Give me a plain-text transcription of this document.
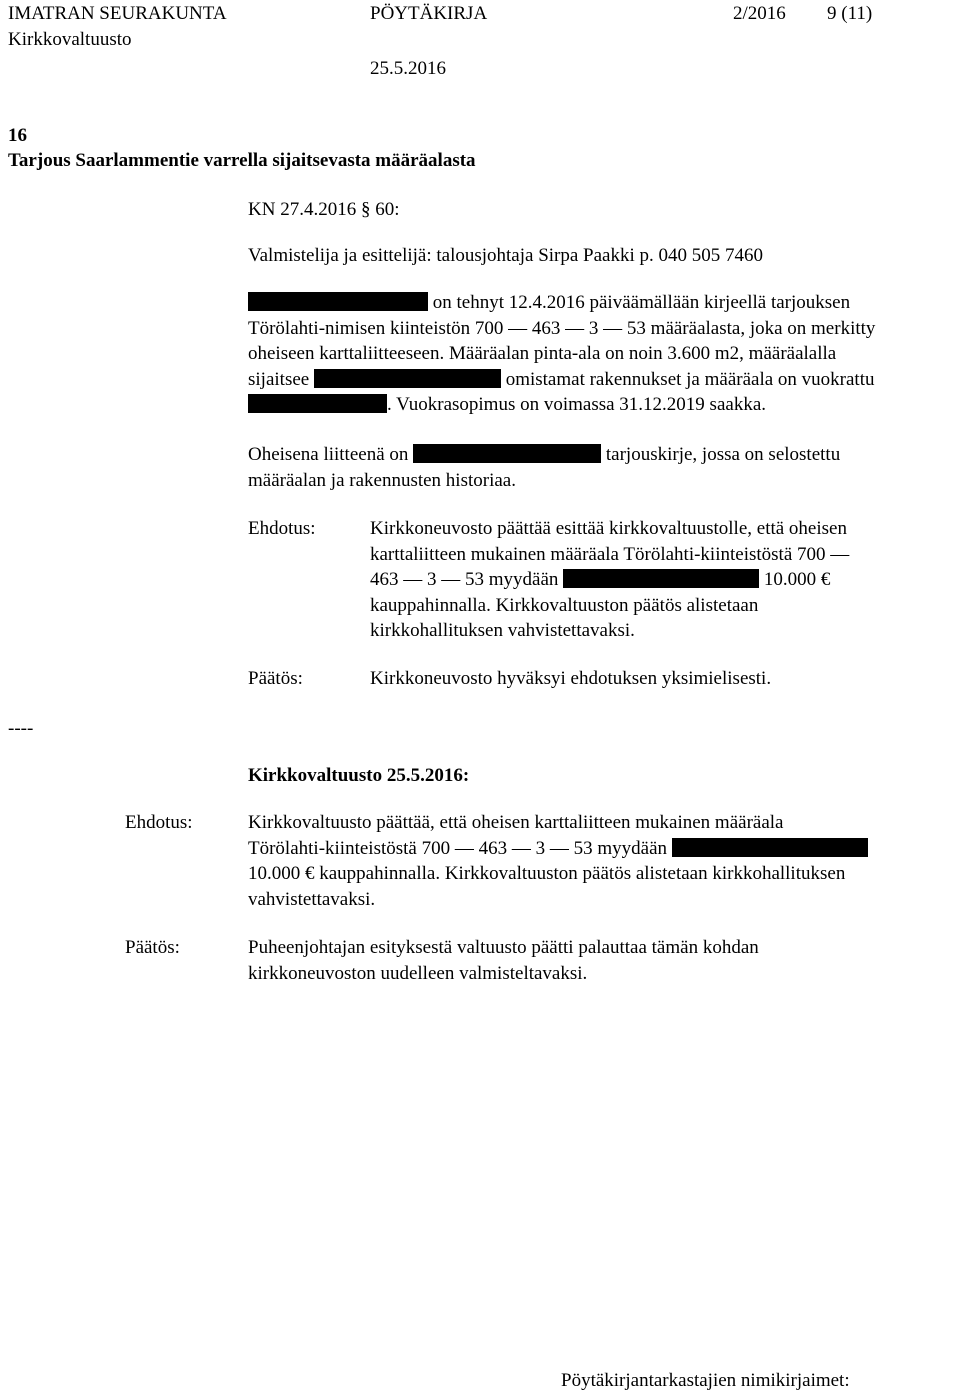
IMATRAN SEURAKUNTA	PÖYTÄKIRJA	2/2016 9 (11)
Kirkkovaltuusto
25.5.2016
16
Tarjous Saarlammentie varrella sijaitsevasta määräalasta
KN 27.4.2016 § 60:
Valmistelija ja esittelijä: talousjohtaja Sirpa Paakki p. 040 505 7460
on tehnyt 12.4.2016 päiväämällään kirjeellä tarjouksen
Törölahti-nimisen kiinteistön 700 — 463 — 3 — 53 määräalasta, joka on merkitty
oheiseen karttaliitteeseen. Määräalan pinta-ala on noin 3.600 m2, määräalalla
sijaitsee	omistamat rakennukset ja määräala on vuokrattu
. Vuokrasopimus on voimassa 31.12.2019 saakka.
Oheisena liitteenä on	tarjouskirje, jossa on selostettu
määräalan ja rakennusten historiaa.
Ehdotus:	Kirkkoneuvosto päättää esittää kirkkovaltuustolle, että oheisen
karttaliitteen mukainen määräala Törölahti-kiinteistöstä 700 —
463 — 3 — 53 myydään	10.000 €
kauppahinnalla. Kirkkovaltuuston päätös alistetaan
kirkkohallituksen vahvistettavaksi.
Päätös:	Kirkkoneuvosto hyväksyi ehdotuksen yksimielisesti.
----
Kirkkovaltuusto 25.5.2016:
Ehdotus:	Kirkkovaltuusto päättää, että oheisen karttaliitteen mukainen määräala
Törölahti-kiinteistöstä 700 — 463 — 3 — 53 myydään
10.000 € kauppahinnalla. Kirkkovaltuuston päätös alistetaan kirkkohallituksen
vahvistettavaksi.
Päätös:	Puheenjohtajan esityksestä valtuusto päätti palauttaa tämän kohdan
kirkkoneuvoston uudelleen valmisteltavaksi.
Pöytäkirjantarkastajien nimikirjaimet:
